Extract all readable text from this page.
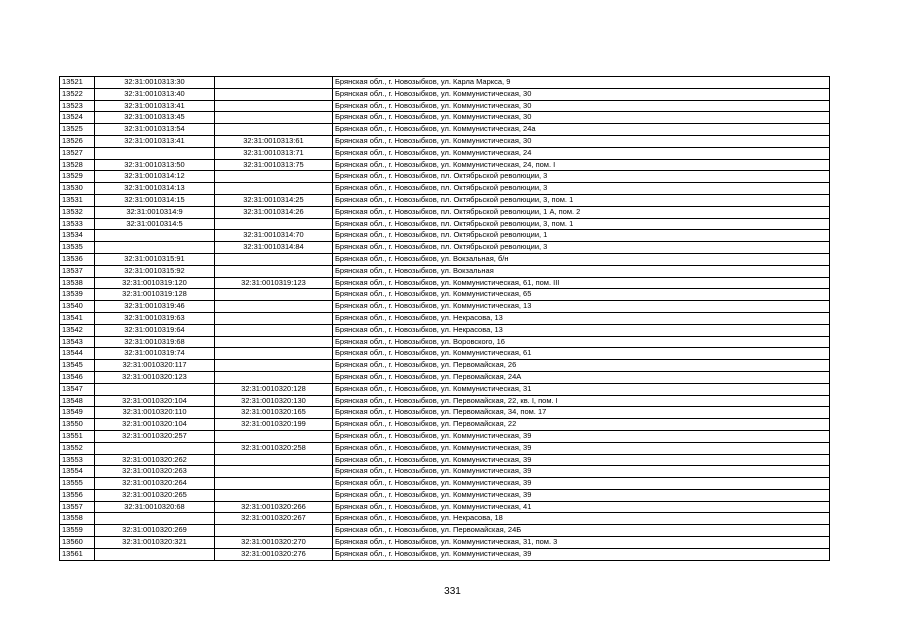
13521	32:31:0010313:30		Брянская обл., г. Новозыбков, ул. Карла Маркса, 9
13522	32:31:0010313:40		Брянская обл., г. Новозыбков, ул. Коммунистическая, 30
13523	32:31:0010313:41		Брянская обл., г. Новозыбков, ул. Коммунистическая, 30
13524	32:31:0010313:45		Брянская обл., г. Новозыбков, ул. Коммунистическая, 30
13525	32:31:0010313:54		Брянская обл., г. Новозыбков, ул. Коммунистическая, 24а
13526	32:31:0010313:41	32:31:0010313:61	Брянская обл., г. Новозыбков, ул. Коммунистическая, 30
13527		32:31:0010313:71	Брянская обл., г. Новозыбков, ул. Коммунистическая, 24
13528	32:31:0010313:50	32:31:0010313:75	Брянская обл., г. Новозыбков, ул. Коммунистическая, 24, пом. I
13529	32:31:0010314:12		Брянская обл., г. Новозыбков, пл. Октябрьской революции, 3
13530	32:31:0010314:13		Брянская обл., г. Новозыбков, пл. Октябрьской революции, 3
13531	32:31:0010314:15	32:31:0010314:25	Брянская обл., г. Новозыбков, пл. Октябрьской революции, 3, пом. 1
13532	32:31:0010314:9	32:31:0010314:26	Брянская обл., г. Новозыбков, пл. Октябрьской революции, 1 А, пом. 2
13533	32:31:0010314:5		Брянская обл., г. Новозыбков, пл. Октябрьской революции, 3, пом. 1
13534		32:31:0010314:70	Брянская обл., г. Новозыбков, пл. Октябрьской революции, 1
13535		32:31:0010314:84	Брянская обл., г. Новозыбков, пл. Октябрьской революции, 3
13536	32:31:0010315:91		Брянская обл., г. Новозыбков, ул. Вокзальная, б/н
13537	32:31:0010315:92		Брянская обл., г. Новозыбков, ул. Вокзальная
13538	32:31:0010319:120	32:31:0010319:123	Брянская обл., г. Новозыбков, ул. Коммунистическая, 61, пом. III
13539	32:31:0010319:128		Брянская обл., г. Новозыбков, ул. Коммунистическая, 65
13540	32:31:0010319:46		Брянская обл., г. Новозыбков, ул. Коммунистическая, 13
13541	32:31:0010319:63		Брянская обл., г. Новозыбков, ул. Некрасова, 13
13542	32:31:0010319:64		Брянская обл., г. Новозыбков, ул. Некрасова, 13
13543	32:31:0010319:68		Брянская обл., г. Новозыбков, ул. Воровского, 16
13544	32:31:0010319:74		Брянская обл., г. Новозыбков, ул. Коммунистическая, 61
13545	32:31:0010320:117		Брянская обл., г. Новозыбков, ул. Первомайская, 26
13546	32:31:0010320:123		Брянская обл., г. Новозыбков, ул. Первомайская, 24А
13547		32:31:0010320:128	Брянская обл., г. Новозыбков, ул. Коммунистическая, 31
13548	32:31:0010320:104	32:31:0010320:130	Брянская обл., г. Новозыбков, ул. Первомайская, 22, кв. I, пом. I
13549	32:31:0010320:110	32:31:0010320:165	Брянская обл., г. Новозыбков, ул. Первомайская, 34, пом. 17
13550	32:31:0010320:104	32:31:0010320:199	Брянская обл., г. Новозыбков, ул. Первомайская, 22
13551	32:31:0010320:257		Брянская обл., г. Новозыбков, ул. Коммунистическая, 39
13552		32:31:0010320:258	Брянская обл., г. Новозыбков, ул. Коммунистическая, 39
13553	32:31:0010320:262		Брянская обл., г. Новозыбков, ул. Коммунистическая, 39
13554	32:31:0010320:263		Брянская обл., г. Новозыбков, ул. Коммунистическая, 39
13555	32:31:0010320:264		Брянская обл., г. Новозыбков, ул. Коммунистическая, 39
13556	32:31:0010320:265		Брянская обл., г. Новозыбков, ул. Коммунистическая, 39
13557	32:31:0010320:68	32:31:0010320:266	Брянская обл., г. Новозыбков, ул. Коммунистическая, 41
13558		32:31:0010320:267	Брянская обл., г. Новозыбков, ул. Некрасова, 18
13559	32:31:0010320:269		Брянская обл., г. Новозыбков, ул. Первомайская, 24Б
13560	32:31:0010320:321	32:31:0010320:270	Брянская обл., г. Новозыбков, ул. Коммунистическая, 31, пом. 3
13561		32:31:0010320:276	Брянская обл., г. Новозыбков, ул. Коммунистическая, 39
331
